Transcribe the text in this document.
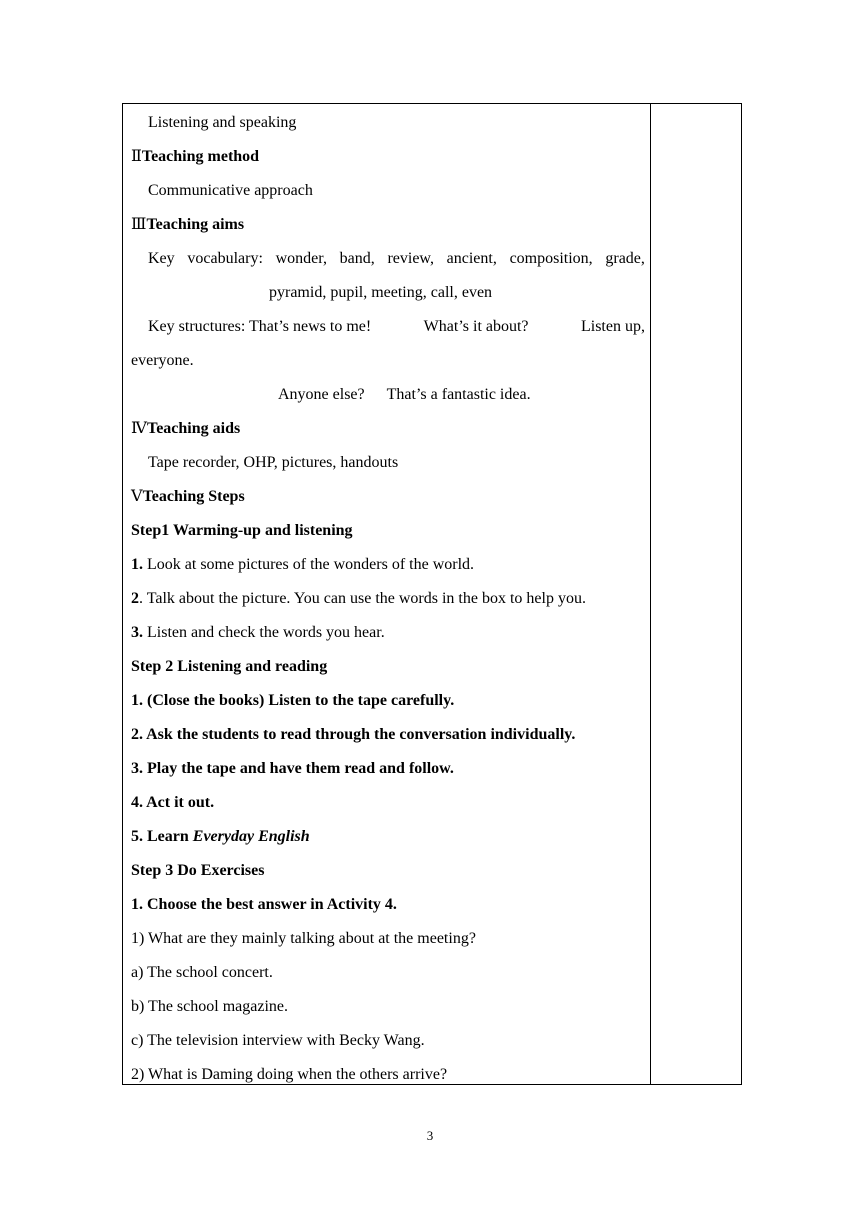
Listening and speaking
ⅡTeaching method
Communicative approach
ⅢTeaching aims
Key vocabulary: wonder, band, review, ancient, composition, grade,
pyramid, pupil, meeting, call, even
Key structures: That’s news to me!	What’s it about?	Listen up,
everyone.
Anyone else? That’s a fantastic idea.
ⅣTeaching aids
Tape recorder, OHP, pictures, handouts
ⅤTeaching Steps
Step1 Warming-up and listening
1. Look at some pictures of the wonders of the world.
2. Talk about the picture. You can use the words in the box to help you.
3. Listen and check the words you hear.
Step 2 Listening and reading
1. (Close the books) Listen to the tape carefully.
2. Ask the students to read through the conversation individually.
3. Play the tape and have them read and follow.
4. Act it out.
5. Learn Everyday English
Step 3 Do Exercises
1. Choose the best answer in Activity 4.
1) What are they mainly talking about at the meeting?
a) The school concert.
b) The school magazine.
c) The television interview with Becky Wang.
2) What is Daming doing when the others arrive?
3
